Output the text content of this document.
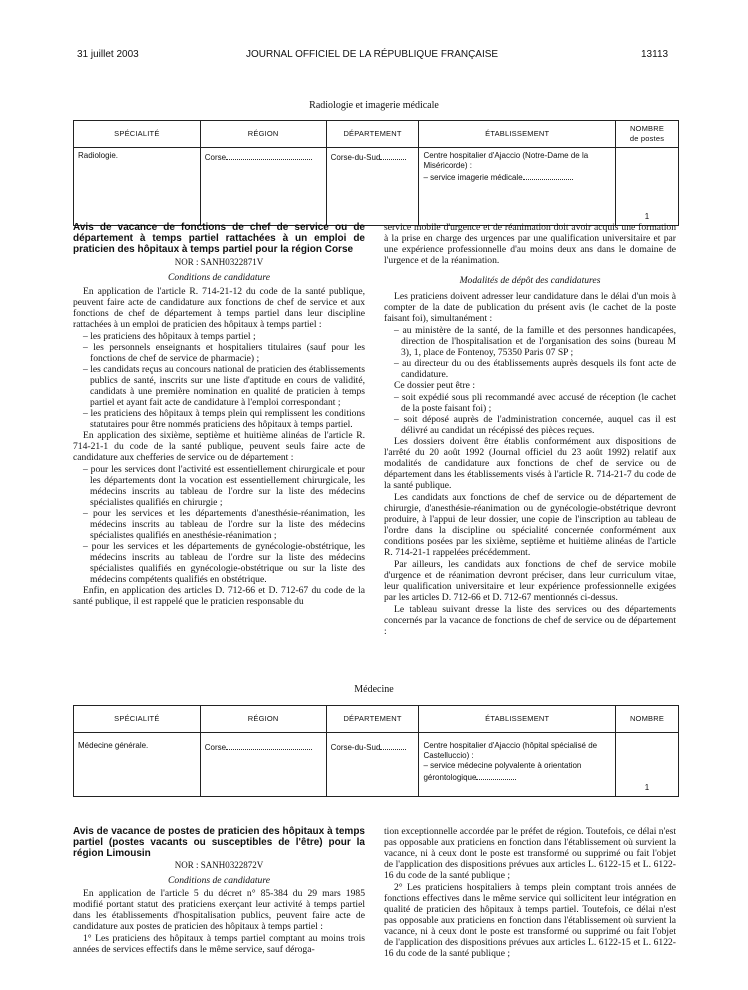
31 juillet 2003	JOURNAL OFFICIEL DE LA RÉPUBLIQUE FRANÇAISE	13113
Radiologie et imagerie médicale
SPÉCIALITÉ	RÉGION	DÉPARTEMENT	ÉTABLISSEMENT	NOMBRE
de postes
Radiologie.	Corse	Corse-du-Sud	Centre hospitalier d'Ajaccio (Notre-Dame de la Miséricorde) :
– service imagerie médicale	1

Avis de vacance de fonctions de chef de service ou de département à temps partiel rattachées à un emploi de praticien des hôpitaux à temps partiel pour la région Corse

NOR : SANH0322871V

Conditions de candidature

En application de l'article R. 714-21-12 du code de la santé publique, peuvent faire acte de candidature aux fonctions de chef de service et aux fonctions de chef de département à temps partiel dans leur discipline rattachées à un emploi de praticien des hôpitaux à temps partiel :

– les praticiens des hôpitaux à temps partiel ;
– les personnels enseignants et hospitaliers titulaires (sauf pour les fonctions de chef de service de pharmacie) ;
– les candidats reçus au concours national de praticien des établissements publics de santé, inscrits sur une liste d'aptitude en cours de validité, candidats à une première nomination en qualité de praticien à temps partiel et ayant fait acte de candidature à l'emploi correspondant ;
– les praticiens des hôpitaux à temps plein qui remplissent les conditions statutaires pour être nommés praticiens des hôpitaux à temps partiel.

En application des sixième, septième et huitième alinéas de l'article R. 714-21-1 du code de la santé publique, peuvent seuls faire acte de candidature aux chefferies de service ou de département :

– pour les services dont l'activité est essentiellement chirurgicale et pour les départements dont la vocation est essentiellement chirurgicale, les médecins inscrits au tableau de l'ordre sur la liste des médecins spécialistes qualifiés en chirurgie ;
– pour les services et les départements d'anesthésie-réanimation, les médecins inscrits au tableau de l'ordre sur la liste des médecins spécialistes qualifiés en anesthésie-réanimation ;
– pour les services et les départements de gynécologie-obstétrique, les médecins inscrits au tableau de l'ordre sur la liste des médecins spécialistes qualifiés en gynécologie-obstétrique ou sur la liste des médecins compétents qualifiés en obstétrique.

Enfin, en application des articles D. 712-66 et D. 712-67 du code de la santé publique, il est rappelé que le praticien responsable du

service mobile d'urgence et de réanimation doit avoir acquis une formation à la prise en charge des urgences par une qualification universitaire et par une expérience professionnelle d'au moins deux ans dans le domaine de l'urgence et de la réanimation.

Modalités de dépôt des candidatures

Les praticiens doivent adresser leur candidature dans le délai d'un mois à compter de la date de publication du présent avis (le cachet de la poste faisant foi), simultanément :

– au ministère de la santé, de la famille et des personnes handicapées, direction de l'hospitalisation et de l'organisation des soins (bureau M 3), 1, place de Fontenoy, 75350 Paris 07 SP ;
– au directeur du ou des établissements auprès desquels ils font acte de candidature.

Ce dossier peut être :

– soit expédié sous pli recommandé avec accusé de réception (le cachet de la poste faisant foi) ;
– soit déposé auprès de l'administration concernée, auquel cas il est délivré au candidat un récépissé des pièces reçues.

Les dossiers doivent être établis conformément aux dispositions de l'arrêté du 20 août 1992 (Journal officiel du 23 août 1992) relatif aux modalités de candidature aux fonctions de chef de service ou de département dans les établissements visés à l'article R. 714-21-7 du code de la santé publique.

Les candidats aux fonctions de chef de service ou de département de chirurgie, d'anesthésie-réanimation ou de gynécologie-obstétrique devront produire, à l'appui de leur dossier, une copie de l'inscription au tableau de l'ordre dans la discipline ou spécialité concernée conformément aux conditions posées par les sixième, septième et huitième alinéas de l'article R. 714-21-1 rappelées précédemment.

Par ailleurs, les candidats aux fonctions de chef de service mobile d'urgence et de réanimation devront préciser, dans leur curriculum vitae, leur qualification universitaire et leur expérience professionnelle exigées par les articles D. 712-66 et D. 712-67 mentionnés ci-dessus.

Le tableau suivant dresse la liste des services ou des départements concernés par la vacance de fonctions de chef de service ou de département :

Médecine
SPÉCIALITÉ	RÉGION	DÉPARTEMENT	ÉTABLISSEMENT	NOMBRE
Médecine générale.	Corse	Corse-du-Sud	Centre hospitalier d'Ajaccio (hôpital spécialisé de Castelluccio) :
– service médecine polyvalente à orientation gérontologique	1

Avis de vacance de postes de praticien des hôpitaux à temps partiel (postes vacants ou susceptibles de l'être) pour la région Limousin

NOR : SANH0322872V

Conditions de candidature

En application de l'article 5 du décret n° 85-384 du 29 mars 1985 modifié portant statut des praticiens exerçant leur activité à temps partiel dans les établissements d'hospitalisation publics, peuvent faire acte de candidature aux postes de praticien des hôpitaux à temps partiel :

1° Les praticiens des hôpitaux à temps partiel comptant au moins trois années de services effectifs dans le même service, sauf déroga-

tion exceptionnelle accordée par le préfet de région. Toutefois, ce délai n'est pas opposable aux praticiens en fonction dans l'établissement où survient la vacance, ni à ceux dont le poste est transformé ou supprimé ou fait l'objet de l'application des dispositions prévues aux articles L. 6122-15 et L. 6122-16 du code de la santé publique ;

2° Les praticiens hospitaliers à temps plein comptant trois années de fonctions effectives dans le même service qui sollicitent leur intégration en qualité de praticien des hôpitaux à temps partiel. Toutefois, ce délai n'est pas opposable aux praticiens en fonction dans l'établissement où survient la vacance, ni à ceux dont le poste est transformé ou supprimé ou fait l'objet de l'application des dispositions prévues aux articles L. 6122-15 et L. 6122-16 du code de la santé publique ;
